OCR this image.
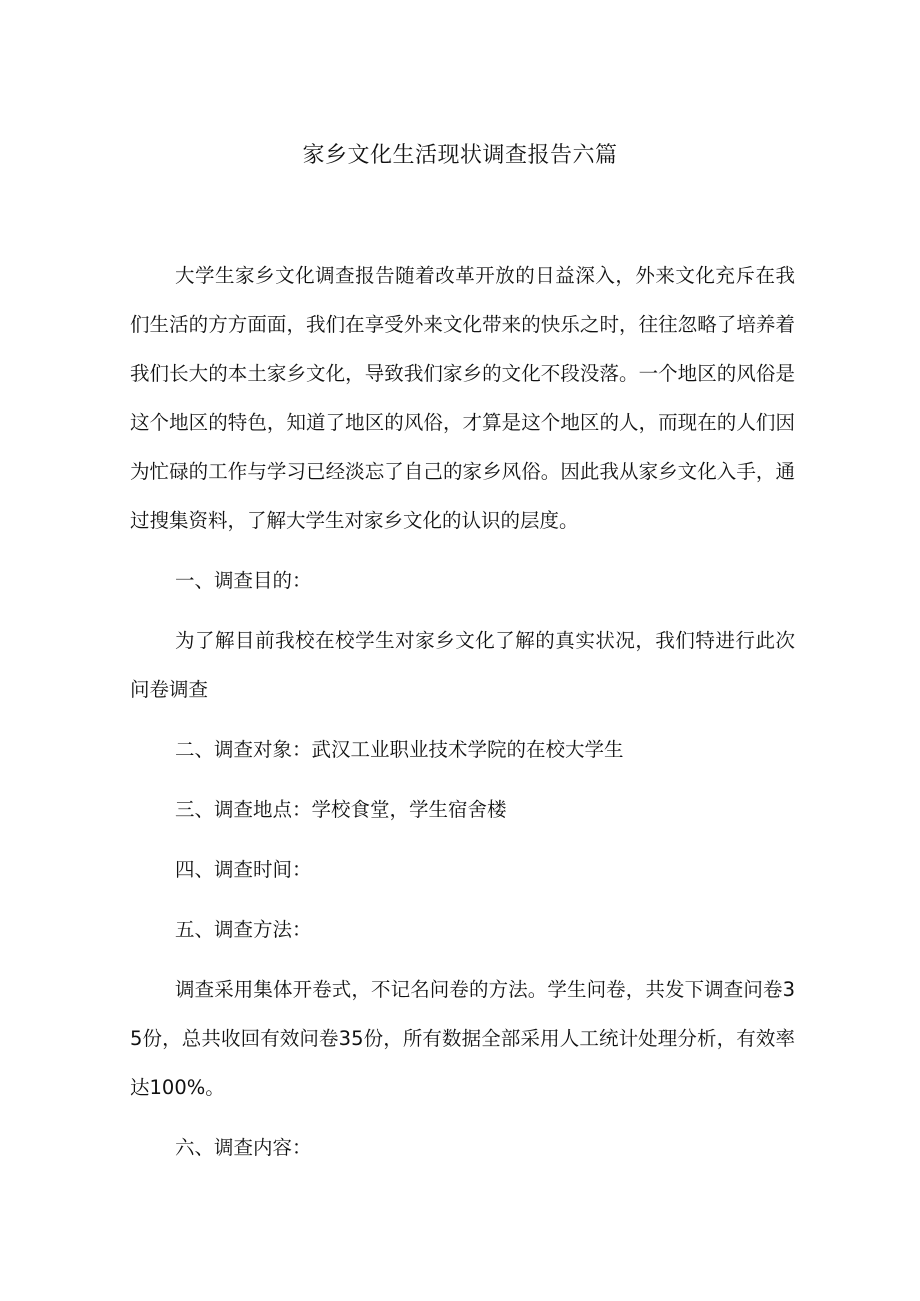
家乡文化生活现状调查报告六篇

大学生家乡文化调查报告随着改革开放的日益深入，外来文化充斥在我们生活的方方面面，我们在享受外来文化带来的快乐之时，往往忽略了培养着我们长大的本土家乡文化，导致我们家乡的文化不段没落。一个地区的风俗是这个地区的特色，知道了地区的风俗，才算是这个地区的人，而现在的人们因为忙碌的工作与学习已经淡忘了自己的家乡风俗。因此我从家乡文化入手，通过搜集资料，了解大学生对家乡文化的认识的层度。

一、调查目的：

为了解目前我校在校学生对家乡文化了解的真实状况，我们特进行此次问卷调查

二、调查对象：武汉工业职业技术学院的在校大学生

三、调查地点：学校食堂，学生宿舍楼

四、调查时间：

五、调查方法：

调查采用集体开卷式，不记名问卷的方法。学生问卷，共发下调查问卷35份，总共收回有效问卷35份，所有数据全部采用人工统计处理分析，有效率达100%。

六、调查内容：
